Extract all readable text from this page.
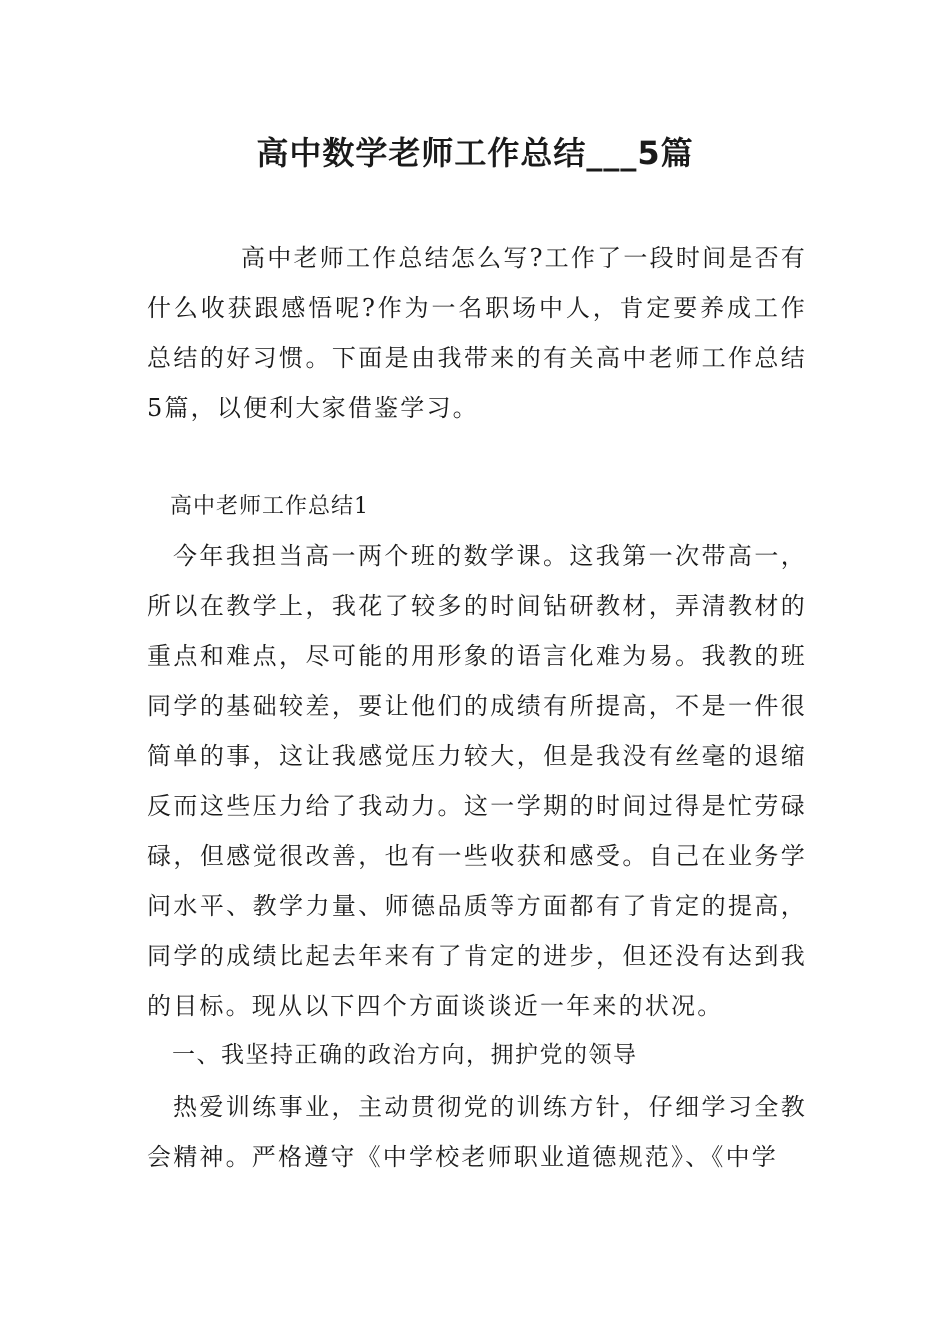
高中数学老师工作总结___5篇

高中老师工作总结怎么写?工作了一段时间是否有什么收获跟感悟呢?作为一名职场中人，肯定要养成工作总结的好习惯。下面是由我带来的有关高中老师工作总结5篇，以便利大家借鉴学习。

高中老师工作总结1

今年我担当高一两个班的数学课。这我第一次带高一，所以在教学上，我花了较多的时间钻研教材，弄清教材的重点和难点，尽可能的用形象的语言化难为易。我教的班同学的基础较差，要让他们的成绩有所提高，不是一件很简单的事，这让我感觉压力较大，但是我没有丝毫的退缩反而这些压力给了我动力。这一学期的时间过得是忙劳碌碌，但感觉很改善，也有一些收获和感受。自己在业务学问水平、教学力量、师德品质等方面都有了肯定的提高，同学的成绩比起去年来有了肯定的进步，但还没有达到我的目标。现从以下四个方面谈谈近一年来的状况。

一、我坚持正确的政治方向，拥护党的领导

热爱训练事业，主动贯彻党的训练方针，仔细学习全教会精神。严格遵守《中学校老师职业道德规范》、《中学
